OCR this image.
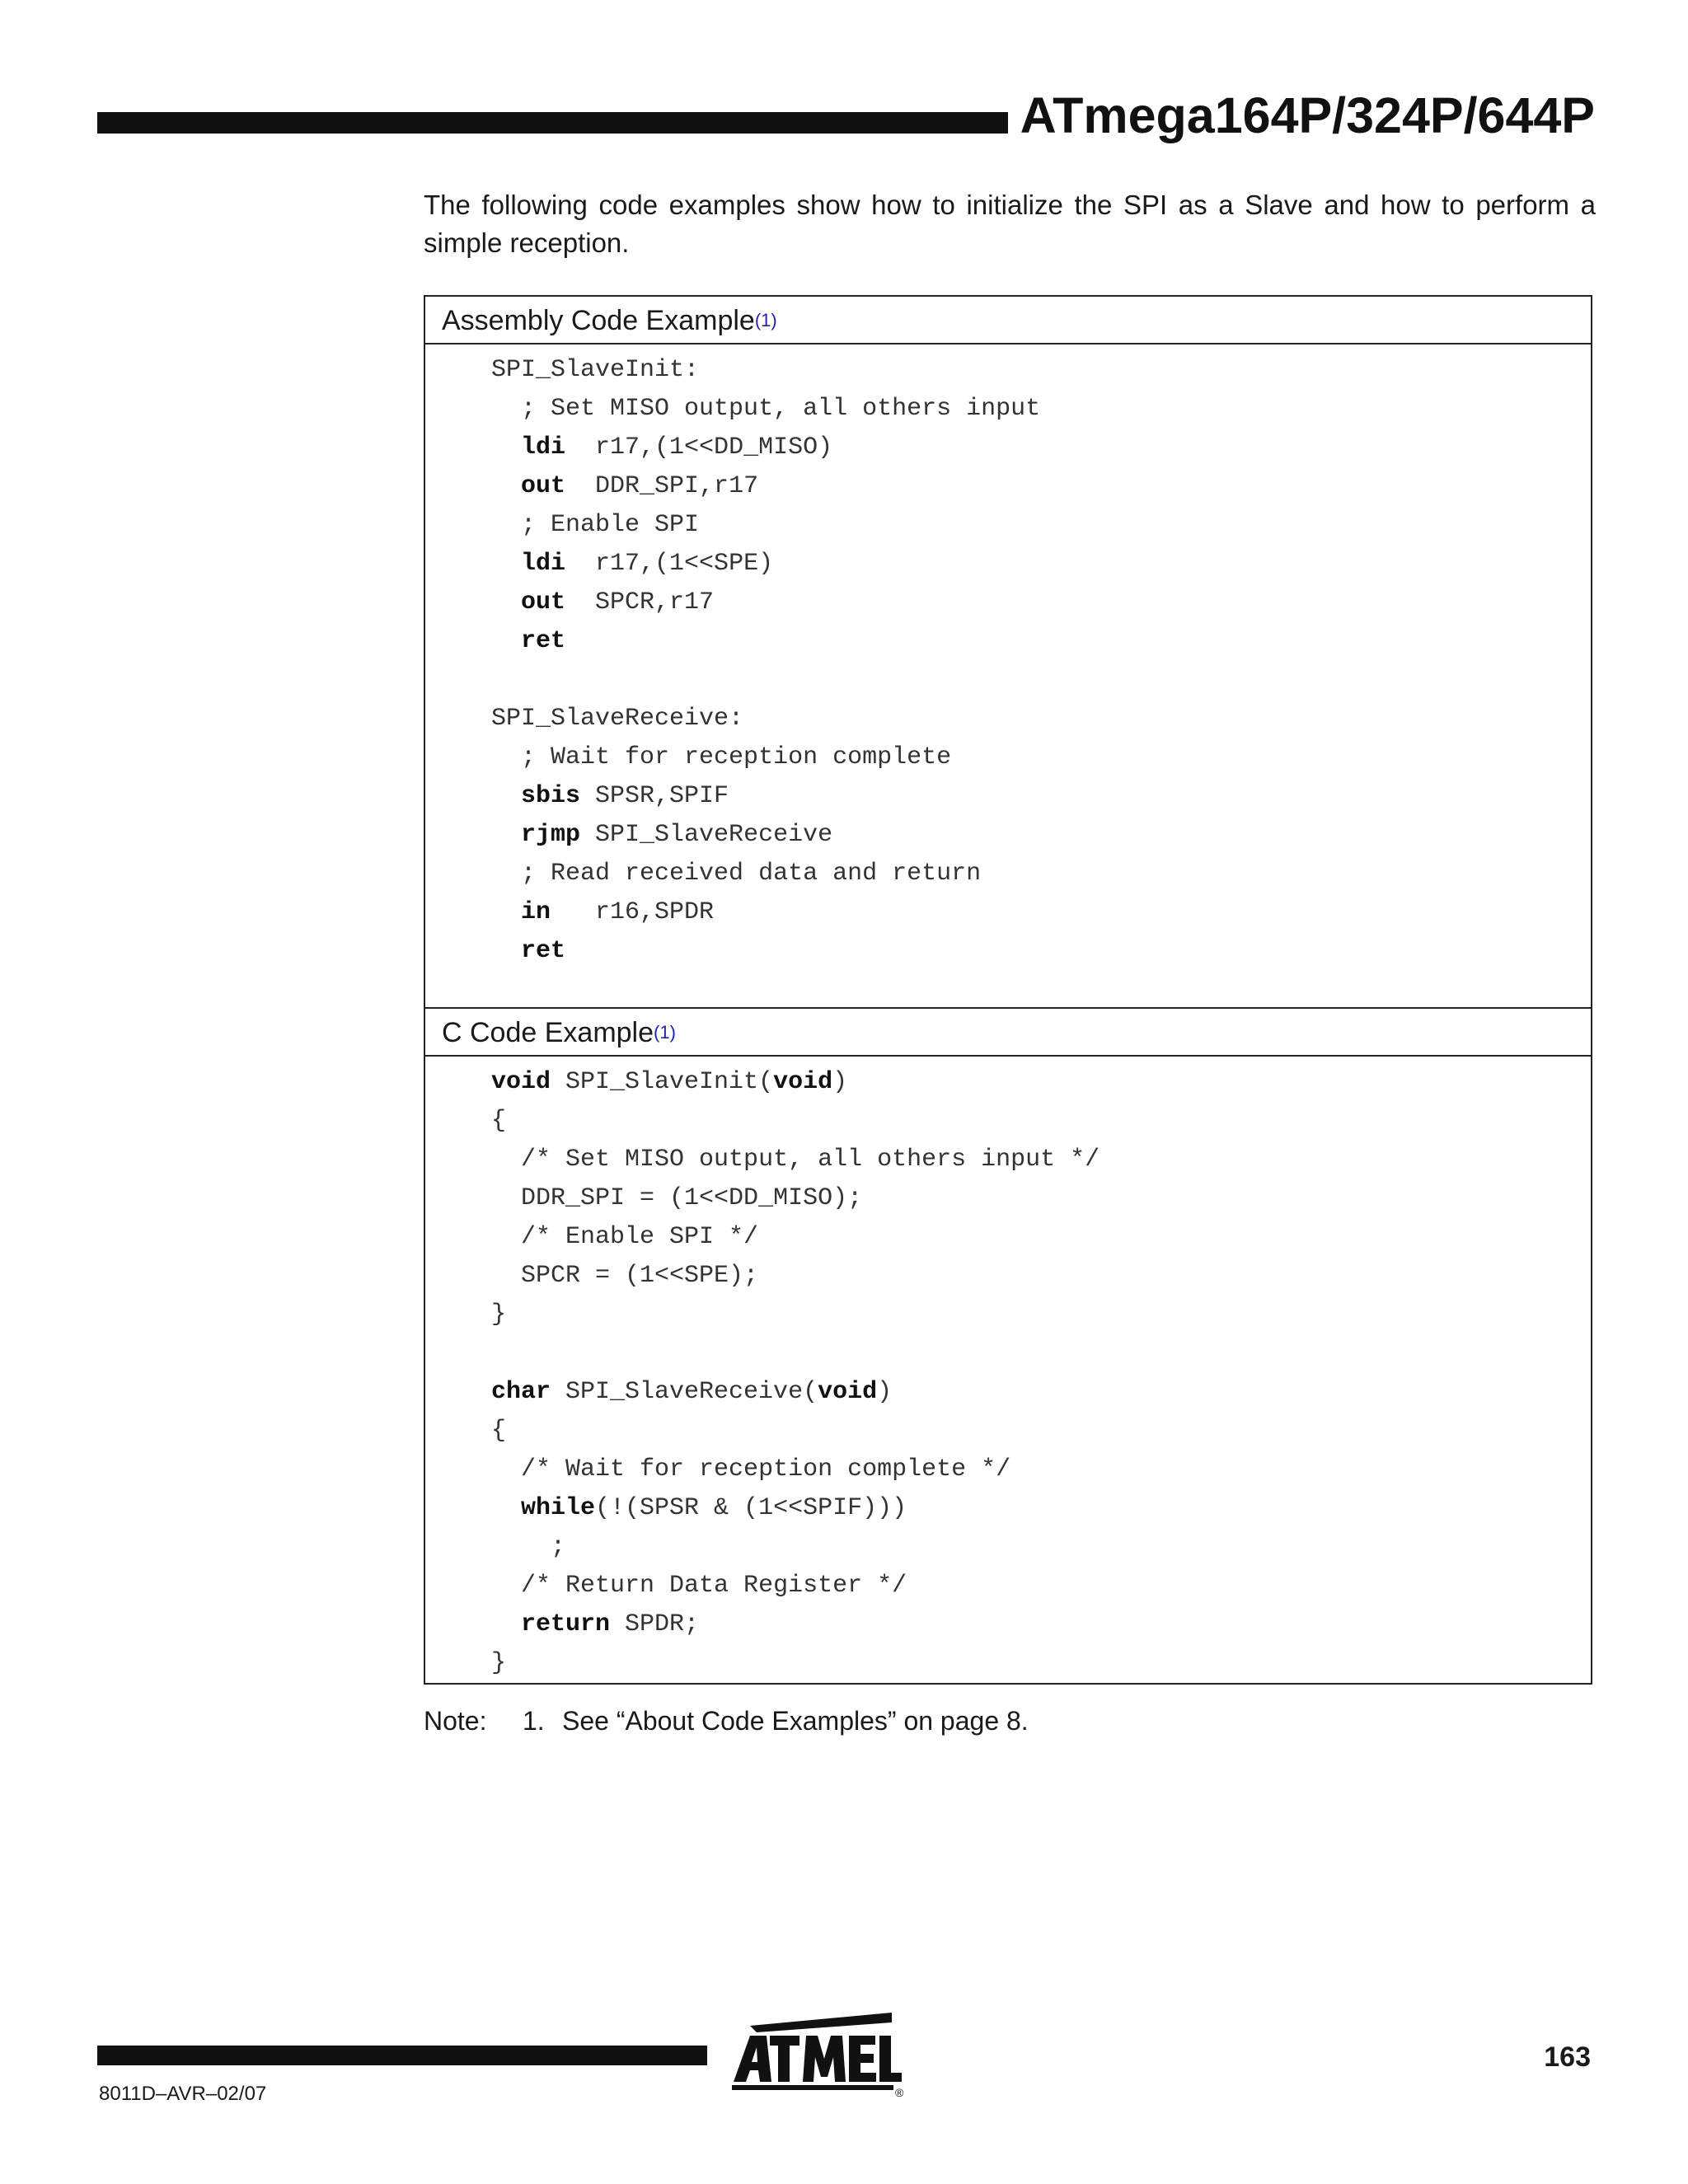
ATmega164P/324P/644P

The following code examples show how to initialize the SPI as a Slave and how to perform a simple reception.

Assembly Code Example$^{(1)}$
SPI_SlaveInit:
; Set MISO output, all others input
ldi  r17,(1<<DD_MISO)
out  DDR_SPI,r17
; Enable SPI
ldi  r17,(1<<SPE)
out  SPCR,r17
ret
SPI_SlaveReceive:
; Wait for reception complete
sbis SPSR,SPIF
rjmp SPI_SlaveReceive
; Read received data and return
in   r16,SPDR
ret
C Code Example$^{(1)}$
void SPI_SlaveInit(void)
{
/* Set MISO output, all others input */
DDR_SPI = (1<<DD_MISO);
/* Enable SPI */
SPCR = (1<<SPE);
}
char SPI_SlaveReceive(void)
{
/* Wait for reception complete */
while(!(SPSR & (1<<SPIF)))
;
/* Return Data Register */
return SPDR;
}
Note: 1. See “About Code Examples” on page 8.
®
8011D–AVR–02/07
163
